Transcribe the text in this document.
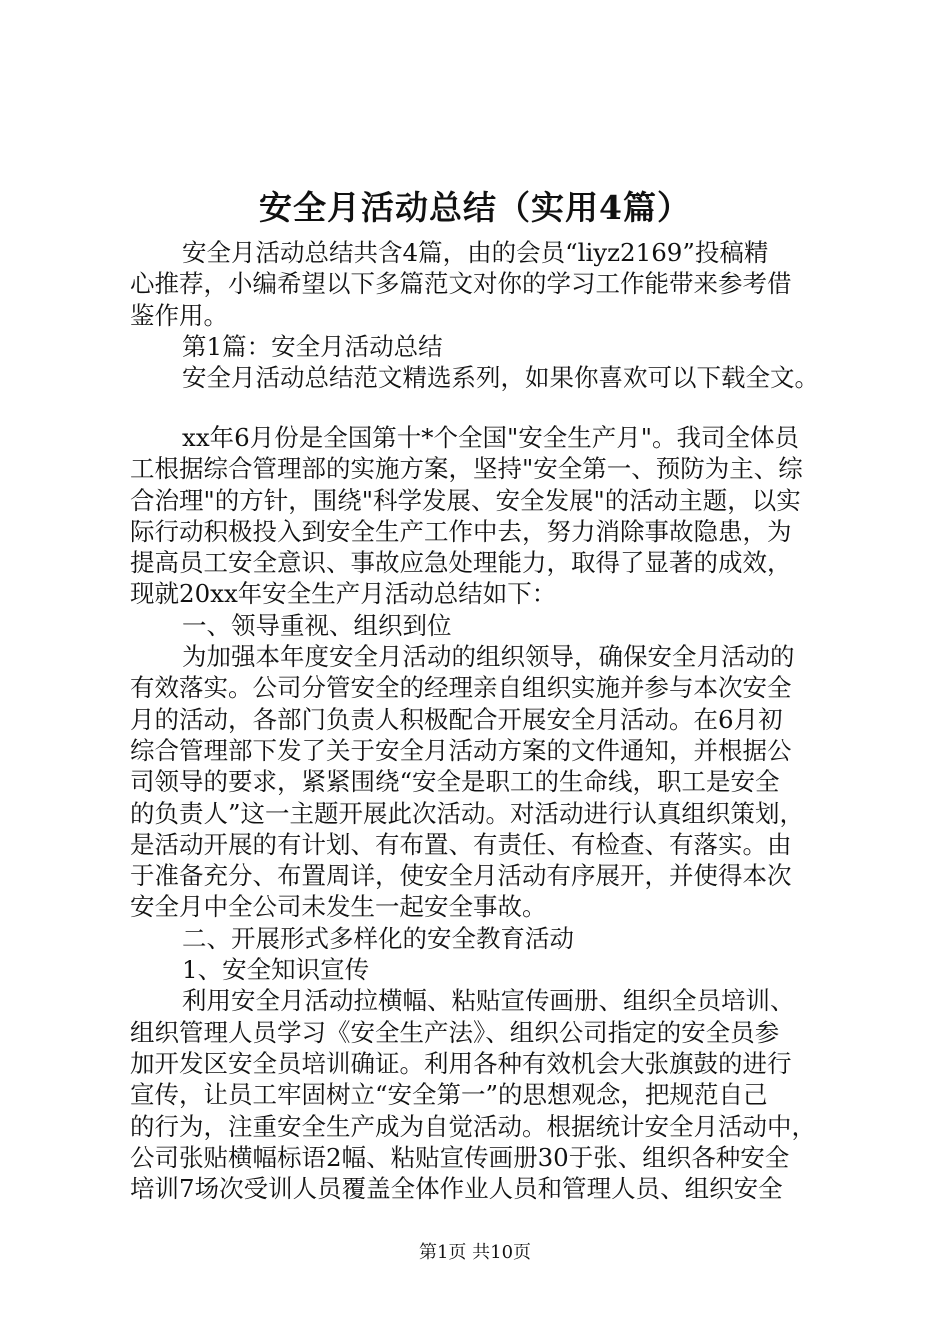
安全月活动总结（实用4篇）
安全月活动总结共含4篇，由的会员“liyz2169”投稿精
心推荐，小编希望以下多篇范文对你的学习工作能带来参考借
鉴作用。
第1篇：安全月活动总结
安全月活动总结范文精选系列，如果你喜欢可以下载全文。
xx年6月份是全国第十*个全国"安全生产月"。我司全体员
工根据综合管理部的实施方案，坚持"安全第一、预防为主、综
合治理"的方针，围绕"科学发展、安全发展"的活动主题，以实
际行动积极投入到安全生产工作中去，努力消除事故隐患，为
提高员工安全意识、事故应急处理能力，取得了显著的成效，
现就20xx年安全生产月活动总结如下：
一、领导重视、组织到位
为加强本年度安全月活动的组织领导，确保安全月活动的
有效落实。公司分管安全的经理亲自组织实施并参与本次安全
月的活动，各部门负责人积极配合开展安全月活动。在6月初
综合管理部下发了关于安全月活动方案的文件通知，并根据公
司领导的要求，紧紧围绕“安全是职工的生命线，职工是安全
的负责人”这一主题开展此次活动。对活动进行认真组织策划，
是活动开展的有计划、有布置、有责任、有检查、有落实。由
于准备充分、布置周详，使安全月活动有序展开，并使得本次
安全月中全公司未发生一起安全事故。
二、开展形式多样化的安全教育活动
1、安全知识宣传
利用安全月活动拉横幅、粘贴宣传画册、组织全员培训、
组织管理人员学习《安全生产法》、组织公司指定的安全员参
加开发区安全员培训确证。利用各种有效机会大张旗鼓的进行
宣传，让员工牢固树立“安全第一”的思想观念，把规范自己
的行为，注重安全生产成为自觉活动。根据统计安全月活动中，
公司张贴横幅标语2幅、粘贴宣传画册30于张、组织各种安全
培训7场次受训人员覆盖全体作业人员和管理人员、组织安全
第1页 共10页
